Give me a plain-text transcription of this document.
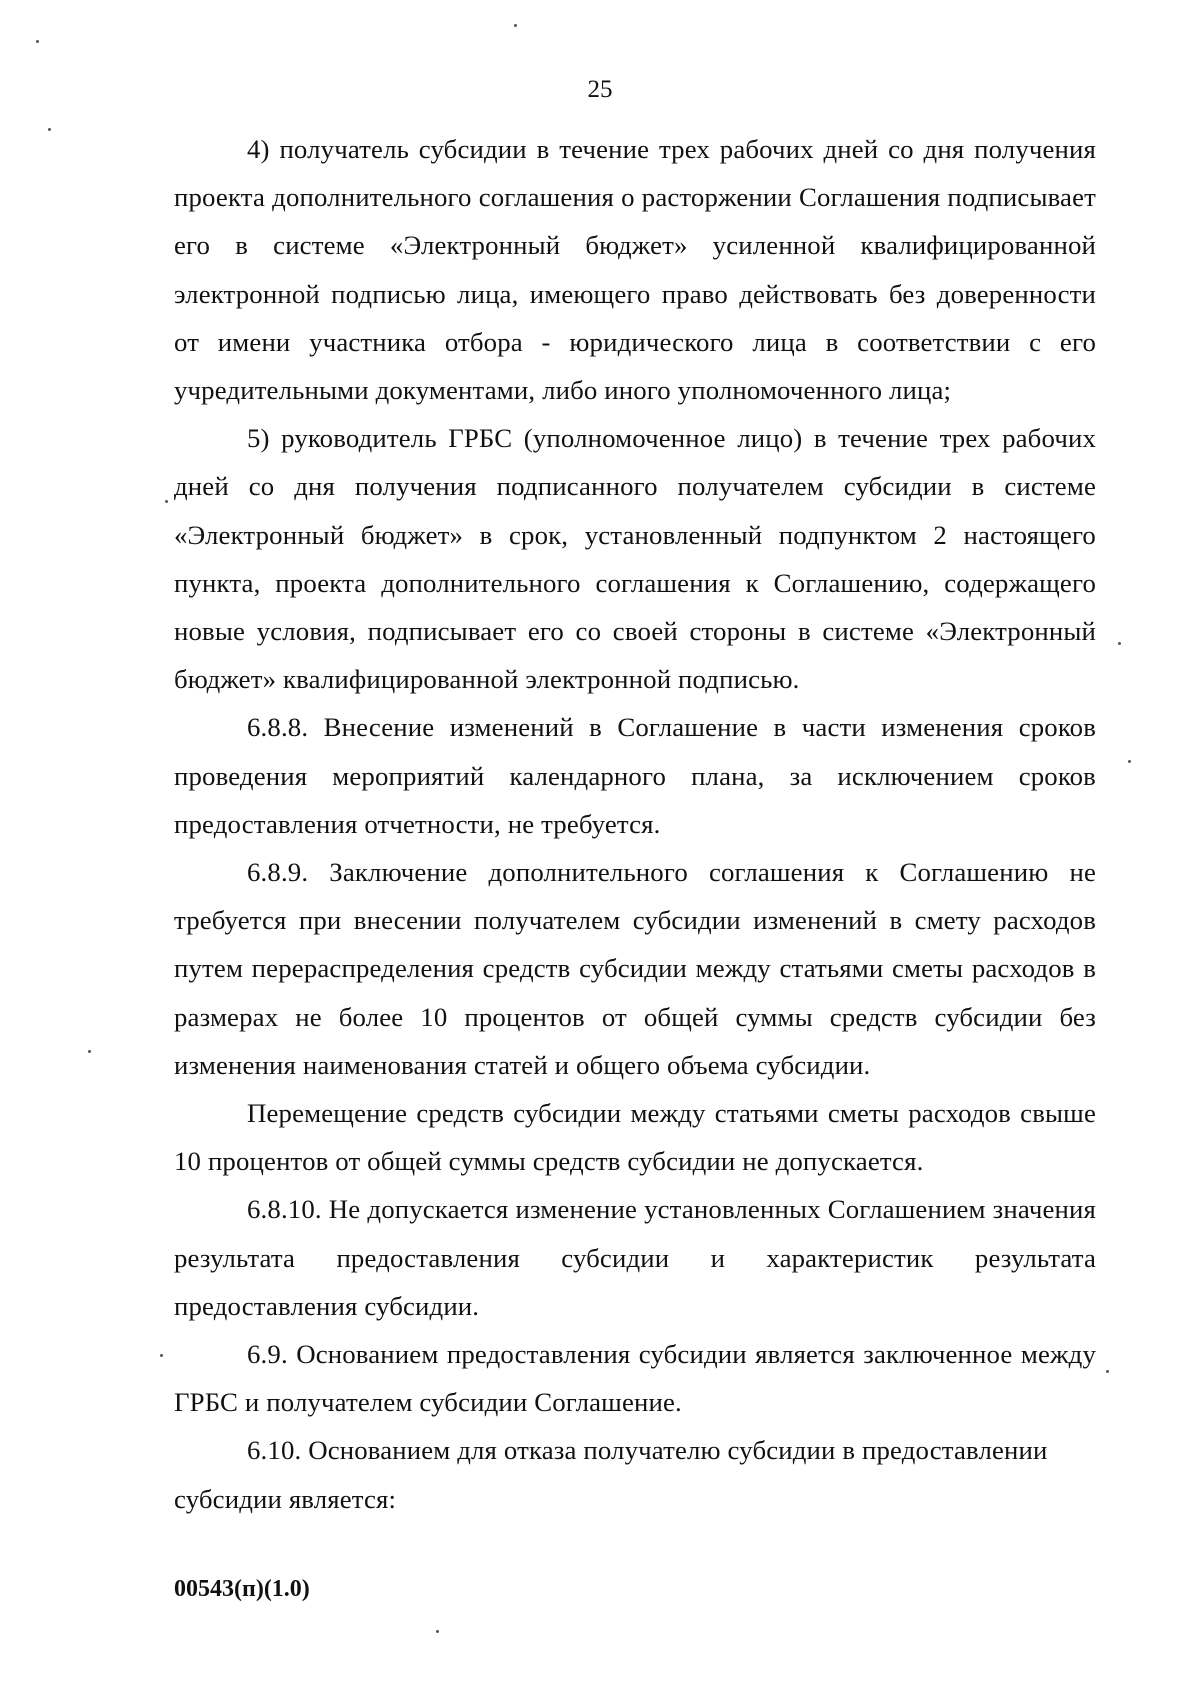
25

4) получатель субсидии в течение трех рабочих дней со дня получения проекта дополнительного соглашения о расторжении Соглашения подписывает его в системе «Электронный бюджет» усиленной квалифицированной электронной подписью лица, имеющего право действовать без доверенности от имени участника отбора - юридического лица в соответствии с его учредительными документами, либо иного уполномоченного лица;

5) руководитель ГРБС (уполномоченное лицо) в течение трех рабочих дней со дня получения подписанного получателем субсидии в системе «Электронный бюджет» в срок, установленный подпунктом 2 настоящего пункта, проекта дополнительного соглашения к Соглашению, содержащего новые условия, подписывает его со своей стороны в системе «Электронный бюджет» квалифицированной электронной подписью.

6.8.8. Внесение изменений в Соглашение в части изменения сроков проведения мероприятий календарного плана, за исключением сроков предоставления отчетности, не требуется.

6.8.9. Заключение дополнительного соглашения к Соглашению не требуется при внесении получателем субсидии изменений в смету расходов путем перераспределения средств субсидии между статьями сметы расходов в размерах не более 10 процентов от общей суммы средств субсидии без изменения наименования статей и общего объема субсидии.

Перемещение средств субсидии между статьями сметы расходов свыше 10 процентов от общей суммы средств субсидии не допускается.

6.8.10. Не допускается изменение установленных Соглашением значения результата предоставления субсидии и характеристик результата предоставления субсидии.

6.9. Основанием предоставления субсидии является заключенное между ГРБС и получателем субсидии Соглашение.

6.10. Основанием для отказа получателю субсидии в предоставлении субсидии является:

00543(п)(1.0)
